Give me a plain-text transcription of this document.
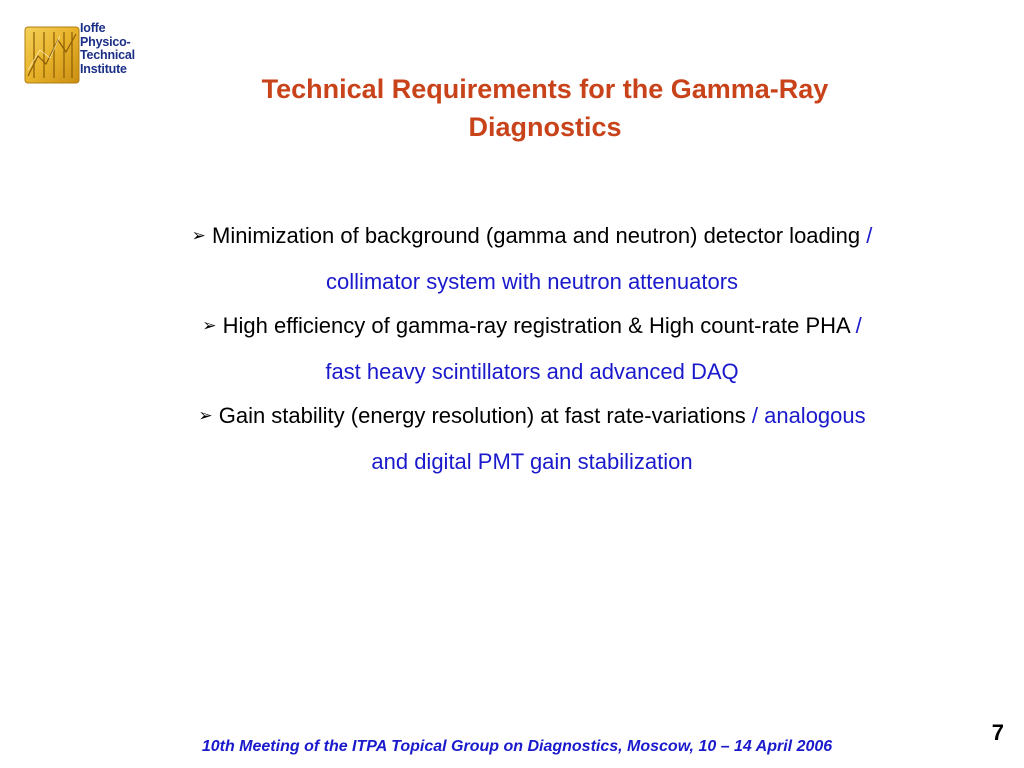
Ioffe
Physico-
Technical
Institute
Technical Requirements for the Gamma-Ray
Diagnostics
➢ Minimization of background (gamma and neutron) detector loading /
collimator system with neutron attenuators
➢ High efficiency of gamma-ray registration & High count-rate PHA /
fast heavy scintillators and advanced DAQ
➢ Gain stability (energy resolution) at fast rate-variations / analogous
and digital PMT gain stabilization
10th Meeting of the ITPA Topical Group on Diagnostics, Moscow, 10 – 14 April 2006
7
